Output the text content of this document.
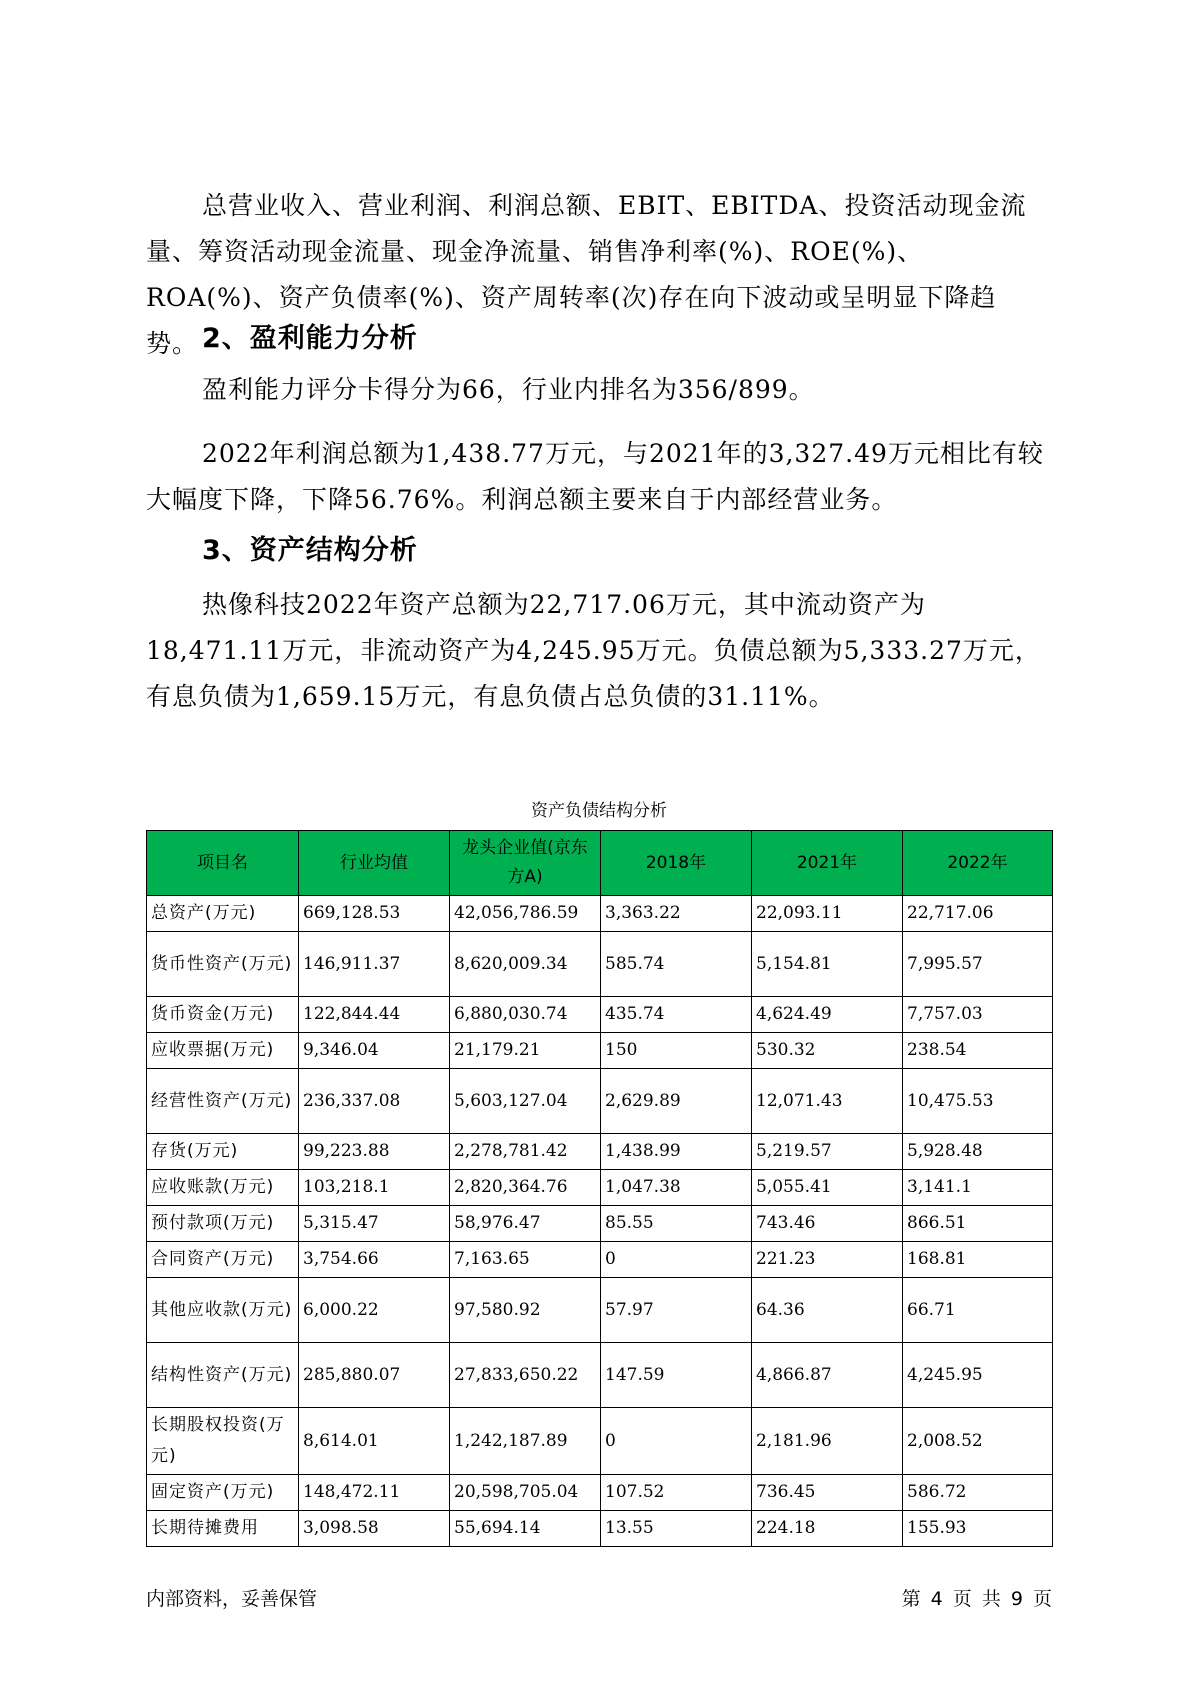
总营业收入、营业利润、利润总额、EBIT、EBITDA、投资活动现金流量、筹资活动现金流量、现金净流量、销售净利率(%)、ROE(%)、ROA(%)、资产负债率(%)、资产周转率(次)存在向下波动或呈明显下降趋势。 2、盈利能力分析

盈利能力评分卡得分为66，行业内排名为356/899。

2022年利润总额为1,438.77万元，与2021年的3,327.49万元相比有较大幅度下降，下降56.76%。利润总额主要来自于内部经营业务。

3、资产结构分析

热像科技2022年资产总额为22,717.06万元，其中流动资产为18,471.11万元，非流动资产为4,245.95万元。负债总额为5,333.27万元，有息负债为1,659.15万元，有息负债占总负债的31.11%。

资产负债结构分析
项目名	行业均值	龙头企业值(京东方A)	2018年	2021年	2022年
总资产(万元)	669,128.53	42,056,786.59	3,363.22	22,093.11	22,717.06
货币性资产(万元)	146,911.37	8,620,009.34	585.74	5,154.81	7,995.57
货币资金(万元)	122,844.44	6,880,030.74	435.74	4,624.49	7,757.03
应收票据(万元)	9,346.04	21,179.21	150	530.32	238.54
经营性资产(万元)	236,337.08	5,603,127.04	2,629.89	12,071.43	10,475.53
存货(万元)	99,223.88	2,278,781.42	1,438.99	5,219.57	5,928.48
应收账款(万元)	103,218.1	2,820,364.76	1,047.38	5,055.41	3,141.1
预付款项(万元)	5,315.47	58,976.47	85.55	743.46	866.51
合同资产(万元)	3,754.66	7,163.65	0	221.23	168.81
其他应收款(万元)	6,000.22	97,580.92	57.97	64.36	66.71
结构性资产(万元)	285,880.07	27,833,650.22	147.59	4,866.87	4,245.95
长期股权投资(万元)	8,614.01	1,242,187.89	0	2,181.96	2,008.52
固定资产(万元)	148,472.11	20,598,705.04	107.52	736.45	586.72
长期待摊费用	3,098.58	55,694.14	13.55	224.18	155.93
内部资料，妥善保管	第 4 页 共 9 页
